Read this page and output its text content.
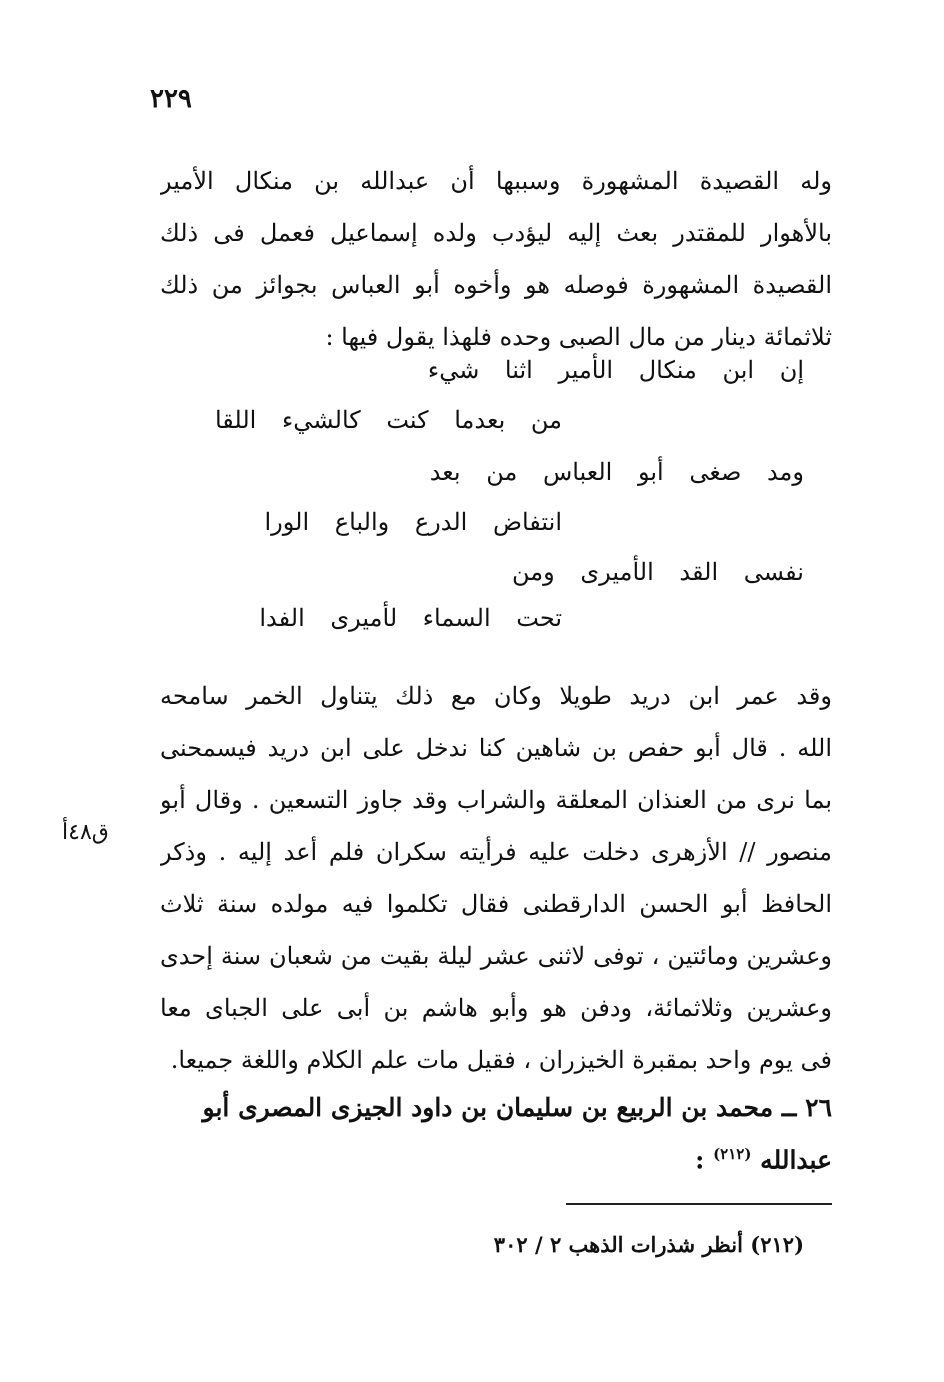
٢٢٩
وله القصيدة المشهورة وسببها أن عبدالله بن منكال الأمير
بالأهوار للمقتدر بعث إليه ليؤدب ولده إسماعيل فعمل فى ذلك
القصيدة المشهورة فوصله هو وأخوه أبو العباس بجوائز من ذلك
ثلاثمائة دينار من مال الصبى وحده فلهذا يقول فيها :
إن ابن منكال الأمير اثنا شيء
من بعدما كنت كالشيء اللقا
ومد صغى أبو العباس من بعد
انتفاض الدرع والباع الورا
نفسى القد الأميرى ومن
تحت السماء لأميرى الفدا
وقد عمر ابن دريد طويلا وكان مع ذلك يتناول الخمر سامحه
الله . قال أبو حفص بن شاهين كنا ندخل على ابن دريد فيسمحنى
بما نرى من العنذان المعلقة والشراب وقد جاوز التسعين . وقال أبو
منصور // الأزهرى دخلت عليه فرأيته سكران فلم أعد إليه . وذكر
الحافظ أبو الحسن الدارقطنى فقال تكلموا فيه مولده سنة ثلاث
وعشرين ومائتين ، توفى لاثنى عشر ليلة بقيت من شعبان سنة إحدى
وعشرين وثلاثمائة، ودفن هو وأبو هاشم بن أبى على الجباى معا
فى يوم واحد بمقبرة الخيزران ، فقيل مات علم الكلام واللغة جميعا.
ق٤٨أ
٢٦ ــ محمد بن الربيع بن سليمان بن داود الجيزى المصرى أبو عبدالله $^{(٢١٢)}$ :
(٢١٢) أنظر شذرات الذهب ٢ / ٣٠٢
